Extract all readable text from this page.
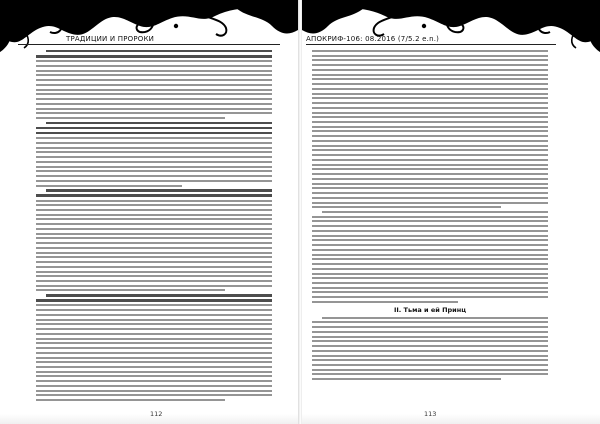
ТРАДИЦИИ И ПРОРОКИ
112
АПОКРИФ-106: 08.2016 (7/5.2 e.n.)
II. Тьма и ей Принц
113
